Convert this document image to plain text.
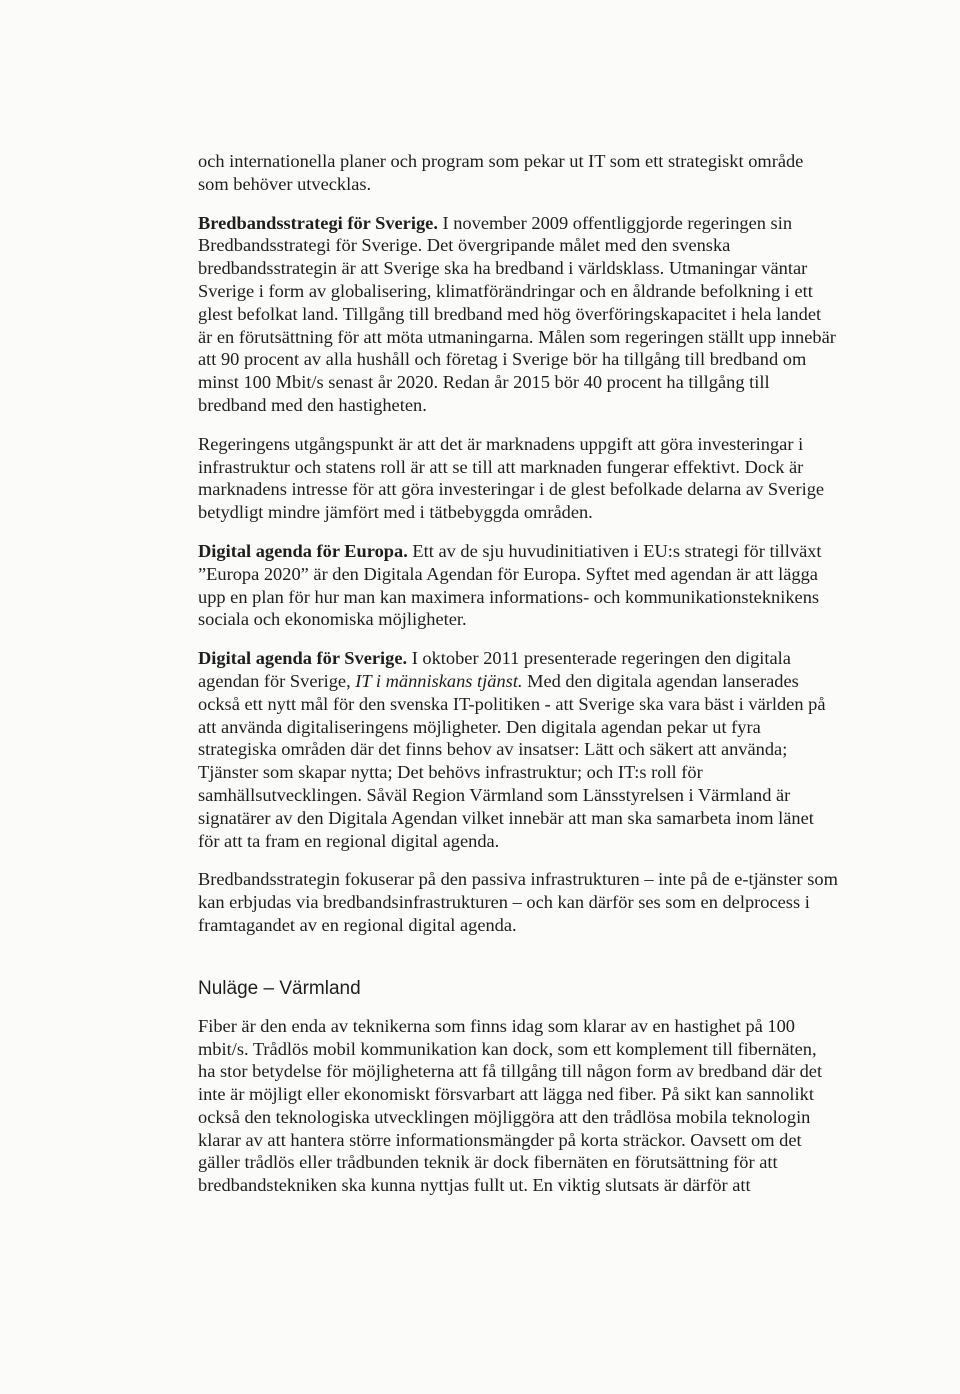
och internationella planer och program som pekar ut IT som ett strategiskt område som behöver utvecklas.

Bredbandsstrategi för Sverige. I november 2009 offentliggjorde regeringen sin Bredbandsstrategi för Sverige. Det övergripande målet med den svenska bredbandsstrategin är att Sverige ska ha bredband i världsklass. Utmaningar väntar Sverige i form av globalisering, klimatförändringar och en åldrande befolkning i ett glest befolkat land. Tillgång till bredband med hög överföringskapacitet i hela landet är en förutsättning för att möta utmaningarna. Målen som regeringen ställt upp innebär att 90 procent av alla hushåll och företag i Sverige bör ha tillgång till bredband om minst 100 Mbit/s senast år 2020. Redan år 2015 bör 40 procent ha tillgång till bredband med den hastigheten.

Regeringens utgångspunkt är att det är marknadens uppgift att göra investeringar i infrastruktur och statens roll är att se till att marknaden fungerar effektivt. Dock är marknadens intresse för att göra investeringar i de glest befolkade delarna av Sverige betydligt mindre jämfört med i tätbebyggda områden.

Digital agenda för Europa. Ett av de sju huvudinitiativen i EU:s strategi för tillväxt ”Europa 2020” är den Digitala Agendan för Europa. Syftet med agendan är att lägga upp en plan för hur man kan maximera informations- och kommunikationsteknikens sociala och ekonomiska möjligheter.

Digital agenda för Sverige. I oktober 2011 presenterade regeringen den digitala agendan för Sverige, IT i människans tjänst. Med den digitala agendan lanserades också ett nytt mål för den svenska IT-politiken - att Sverige ska vara bäst i världen på att använda digitaliseringens möjligheter. Den digitala agendan pekar ut fyra strategiska områden där det finns behov av insatser: Lätt och säkert att använda; Tjänster som skapar nytta; Det behövs infrastruktur; och IT:s roll för samhällsutvecklingen. Såväl Region Värmland som Länsstyrelsen i Värmland är signatärer av den Digitala Agendan vilket innebär att man ska samarbeta inom länet för att ta fram en regional digital agenda.

Bredbandsstrategin fokuserar på den passiva infrastrukturen – inte på de e-tjänster som kan erbjudas via bredbandsinfrastrukturen – och kan därför ses som en delprocess i framtagandet av en regional digital agenda.

Nuläge – Värmland

Fiber är den enda av teknikerna som finns idag som klarar av en hastighet på 100 mbit/s. Trådlös mobil kommunikation kan dock, som ett komplement till fibernäten, ha stor betydelse för möjligheterna att få tillgång till någon form av bredband där det inte är möjligt eller ekonomiskt försvarbart att lägga ned fiber. På sikt kan sannolikt också den teknologiska utvecklingen möjliggöra att den trådlösa mobila teknologin klarar av att hantera större informationsmängder på korta sträckor. Oavsett om det gäller trådlös eller trådbunden teknik är dock fibernäten en förutsättning för att bredbandstekniken ska kunna nyttjas fullt ut. En viktig slutsats är därför att
